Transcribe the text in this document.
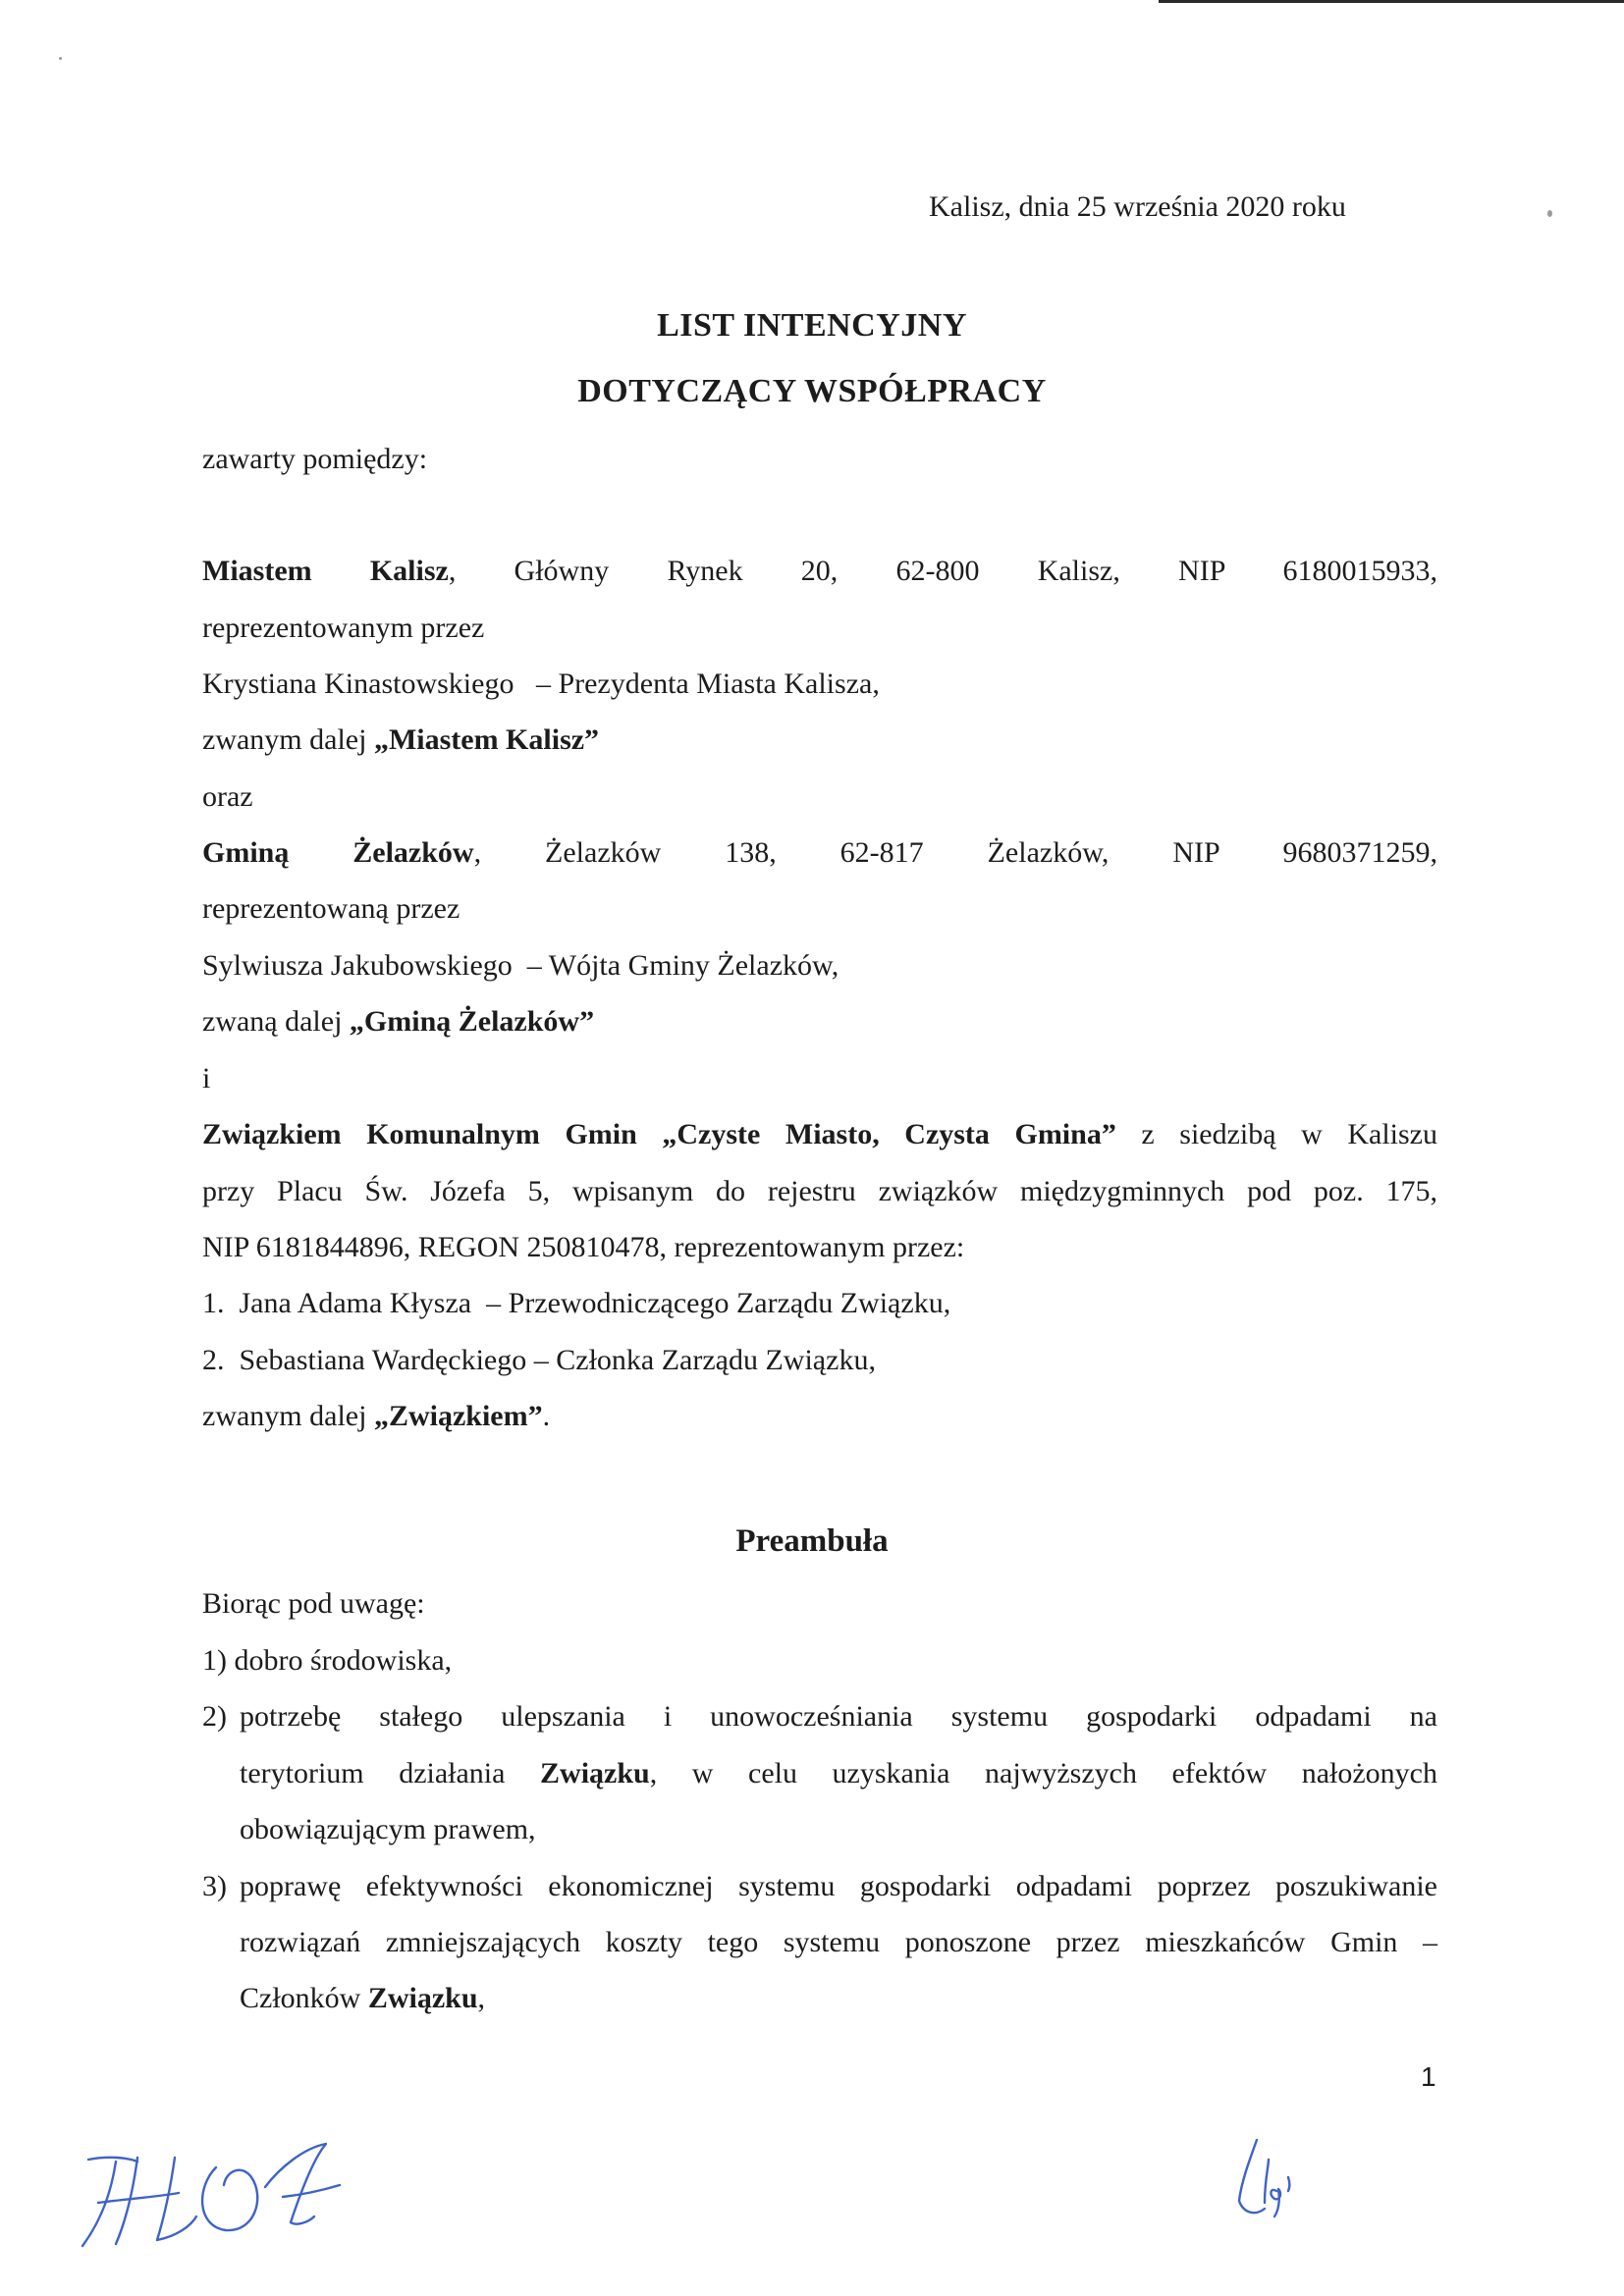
Kalisz, dnia 25 września 2020 roku
LIST INTENCYJNY
DOTYCZĄCY WSPÓŁPRACY
zawarty pomiędzy:
Miastem Kalisz, Główny Rynek 20, 62-800 Kalisz, NIP 6180015933,
reprezentowanym przez
Krystiana Kinastowskiego   – Prezydenta Miasta Kalisza,
zwanym dalej „Miastem Kalisz”
oraz
Gminą Żelazków, Żelazków 138, 62-817 Żelazków, NIP 9680371259,
reprezentowaną przez
Sylwiusza Jakubowskiego  – Wójta Gminy Żelazków,
zwaną dalej „Gminą Żelazków”
i
Związkiem Komunalnym Gmin „Czyste Miasto, Czysta Gmina” z siedzibą w Kaliszu
przy Placu Św. Józefa 5, wpisanym do rejestru związków międzygminnych pod poz. 175,
NIP 6181844896, REGON 250810478, reprezentowanym przez:
1. Jana Adama Kłysza  – Przewodniczącego Zarządu Związku,
2. Sebastiana Wardęckiego – Członka Zarządu Związku,
zwanym dalej „Związkiem”.
Preambuła
Biorąc pod uwagę:
1) dobro środowiska,
2) potrzebę stałego ulepszania i unowocześniania systemu gospodarki odpadami na
terytorium działania Związku, w celu uzyskania najwyższych efektów nałożonych
obowiązującym prawem,
3) poprawę efektywności ekonomicznej systemu gospodarki odpadami poprzez poszukiwanie
rozwiązań zmniejszających koszty tego systemu ponoszone przez mieszkańców Gmin –
Członków Związku,
1
